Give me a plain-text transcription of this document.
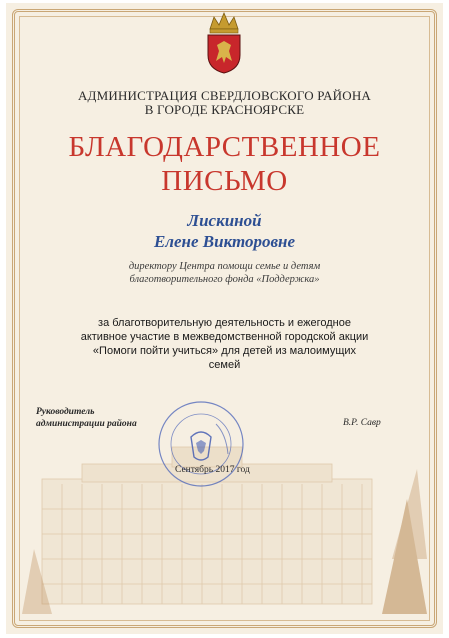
АДМИНИСТРАЦИЯ СВЕРДЛОВСКОГО РАЙОНА
В ГОРОДЕ КРАСНОЯРСКЕ
БЛАГОДАРСТВЕННОЕ
ПИСЬМО
Лискиной
Елене Викторовне
директору Центра помощи семье и детям
благотворительного фонда «Поддержка»
за благотворительную деятельность и ежегодное
активное участие в межведомственной городской акции
«Помоги пойти учиться» для детей из малоимущих
семей
Руководитель
администрации района	В.Р. Савр
Сентябрь 2017 год
